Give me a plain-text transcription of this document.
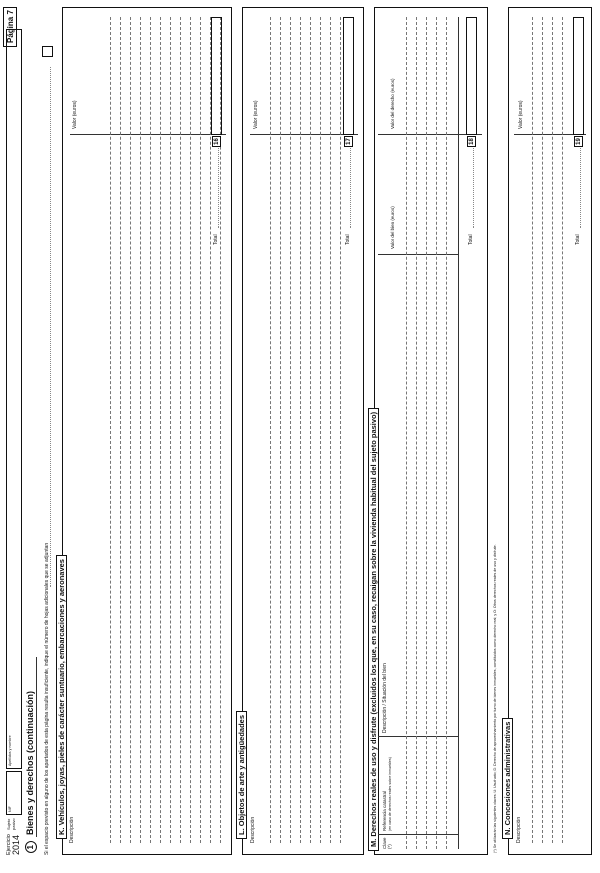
Ejercicio 2014
Sujeto pasivo
NIF
Apellidos y nombre
Página 7
1
Bienes y derechos (continuación) Si el espacio previsto en alguno de los apartados de esta página resulta insuficiente, indique el número de hojas adicionales que se adjuntan K. Vehículos, joyas, pieles de carácter suntuario, embarcaciones y aeronaves Descripción
Valor (euros)
Total
16
L. Objetos de arte y antigüedades Descripción
Valor (euros)
Total
17
M. Derechos reales de uso y disfrute (excluidos los que, en su caso, recaigan sobre la vivienda habitual del sujeto pasivo) Clave (*)
Referencia catastral (en caso de derechos reales sobre inmuebles)
Descripción / Situación del bien
Valor del bien (euros)
Valor del derecho (euros)
Total
18
(*) Se utilizarán las siguientes claves: U: Usufructo; D: Derecho de aprovechamiento por turno de bienes inmuebles, constituidos como derecho real; y O: Otros derechos reales de uso y disfrute.
N. Concesiones administrativas Descripción
Valor (euros)
Total
19
